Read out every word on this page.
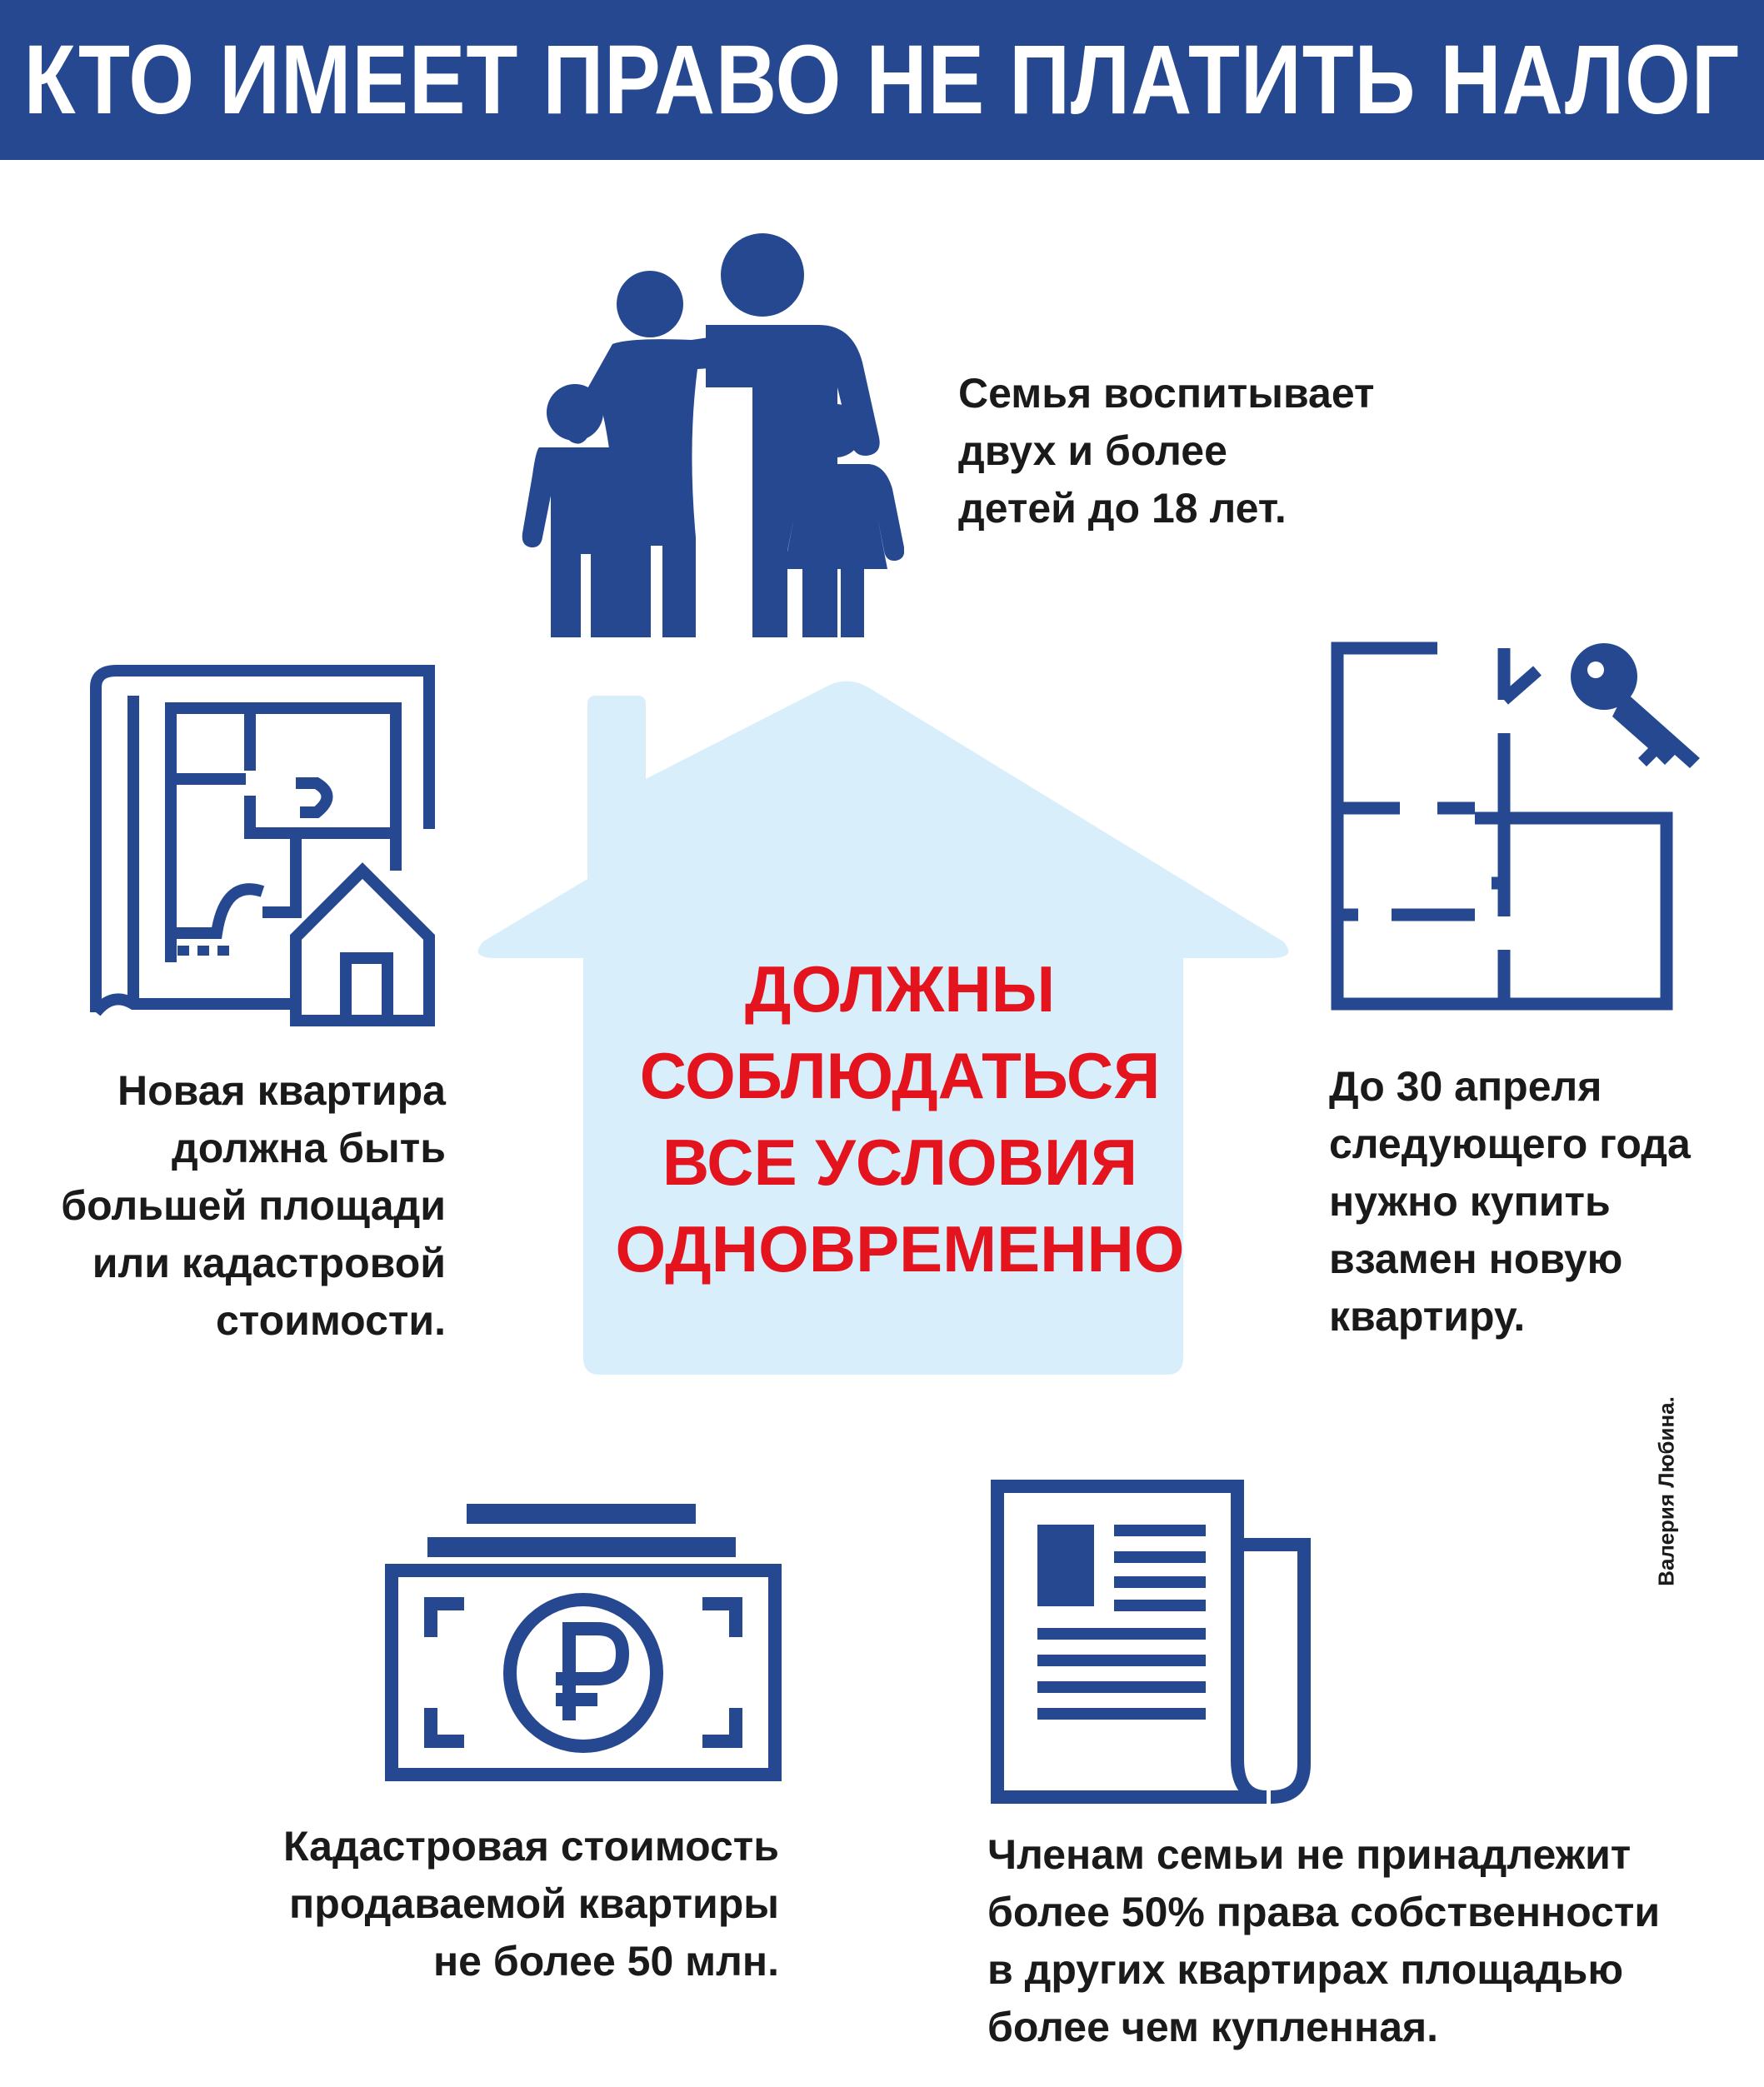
КТО ИМЕЕТ ПРАВО НЕ ПЛАТИТЬ НАЛОГ

ДОЛЖНЫ
СОБЛЮДАТЬСЯ
ВСЕ УСЛОВИЯ
ОДНОВРЕМЕННО

Семья воспитывает
двух и более
детей до 18 лет.

Новая квартира
должна быть
большей площади
или кадастровой
стоимости.

До 30 апреля
следующего года
нужно купить
взамен новую
квартиру.

Кадастровая стоимость
продаваемой квартиры
не более 50 млн.

Членам семьи не принадлежит
более 50% права собственности
в других квартирах площадью
более чем купленная.

Валерия Любина.
